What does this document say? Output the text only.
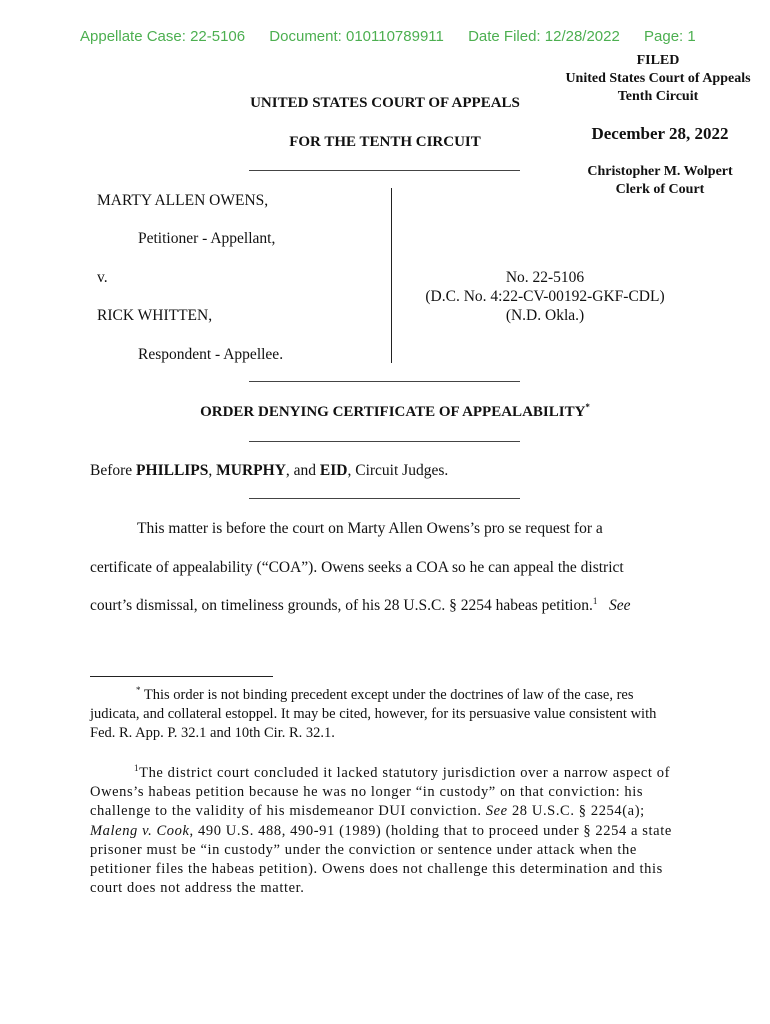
Appellate Case: 22-5106 Document: 010110789911 Date Filed: 12/28/2022 Page: 1
FILED
United States Court of Appeals
Tenth Circuit
December 28, 2022
Christopher M. Wolpert
Clerk of Court
UNITED STATES COURT OF APPEALS
FOR THE TENTH CIRCUIT
MARTY ALLEN OWENS,
Petitioner - Appellant,
v.
RICK WHITTEN,
Respondent - Appellee.
No. 22-5106
(D.C. No. 4:22-CV-00192-GKF-CDL)
(N.D. Okla.)
ORDER DENYING CERTIFICATE OF APPEALABILITY*
Before PHILLIPS, MURPHY, and EID, Circuit Judges.
This matter is before the court on Marty Allen Owens’s pro se request for a
certificate of appealability (“COA”). Owens seeks a COA so he can appeal the district
court’s dismissal, on timeliness grounds, of his 28 U.S.C. § 2254 habeas petition.$^1$ See
* This order is not binding precedent except under the doctrines of law of the case, res judicata, and collateral estoppel. It may be cited, however, for its persuasive value consistent with Fed. R. App. P. 32.1 and 10th Cir. R. 32.1.
$^1$The district court concluded it lacked statutory jurisdiction over a narrow aspect of Owens’s habeas petition because he was no longer “in custody” on that conviction: his challenge to the validity of his misdemeanor DUI conviction. See 28 U.S.C. § 2254(a); Maleng v. Cook, 490 U.S. 488, 490-91 (1989) (holding that to proceed under § 2254 a state prisoner must be “in custody” under the conviction or sentence under attack when the petitioner files the habeas petition). Owens does not challenge this determination and this court does not address the matter.
